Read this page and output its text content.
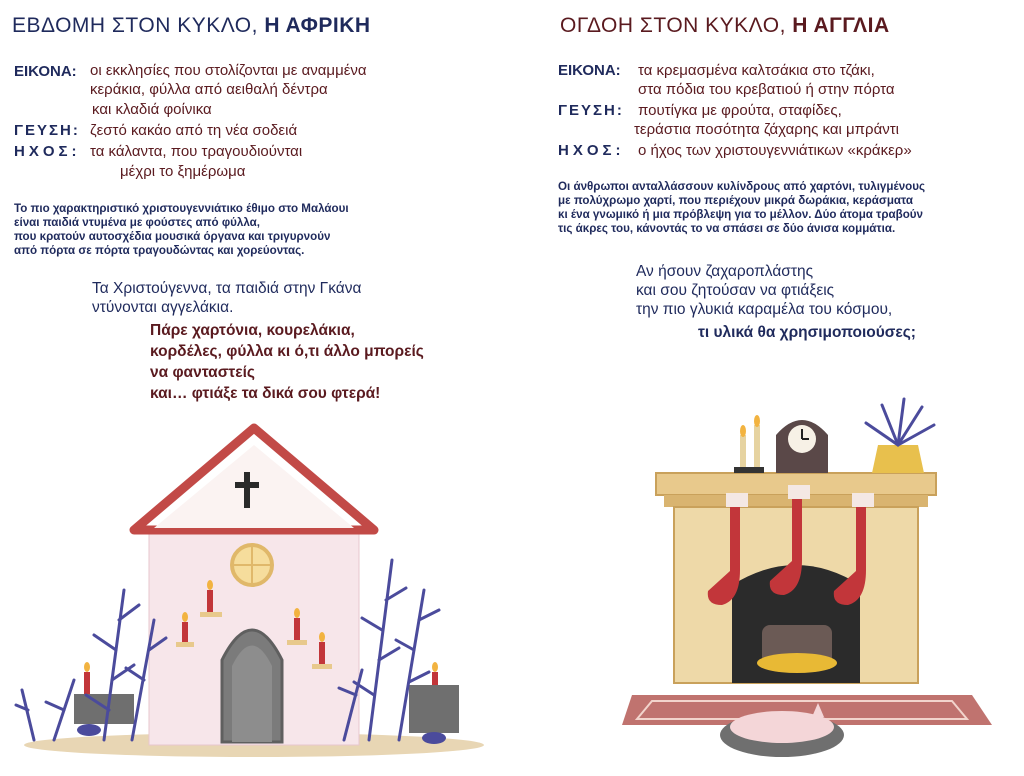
ΕΒΔΟΜΗ ΣΤΟΝ ΚΥΚΛΟ, Η ΑΦΡΙΚΗ
ΕΙΚΟΝΑ: οι εκκλησίες που στολίζονται με αναμμένα
κεράκια, φύλλα από αειθαλή δέντρα
και κλαδιά φοίνικα
ΓΕΥΣΗ: ζεστό κακάο από τη νέα σοδειά
ΗΧΟΣ: τα κάλαντα, που τραγουδιούνται
μέχρι το ξημέρωμα
Το πιο χαρακτηριστικό χριστουγεννιάτικο έθιμο στο Μαλάουι
είναι παιδιά ντυμένα με φούστες από φύλλα,
που κρατούν αυτοσχέδια μουσικά όργανα και τριγυρνούν
από πόρτα σε πόρτα τραγουδώντας και χορεύοντας.
Τα Χριστούγεννα, τα παιδιά στην Γκάνα
ντύνονται αγγελάκια.
Πάρε χαρτόνια, κουρελάκια,
κορδέλες, φύλλα κι ό,τι άλλο μπορείς
να φανταστείς
και… φτιάξε τα δικά σου φτερά!
ΟΓΔΟΗ ΣΤΟΝ ΚΥΚΛΟ, Η ΑΓΓΛΙΑ
ΕΙΚΟΝΑ: τα κρεμασμένα καλτσάκια στο τζάκι,
στα πόδια του κρεβατιού ή στην πόρτα
ΓΕΥΣΗ: πουτίγκα με φρούτα, σταφίδες,
τεράστια ποσότητα ζάχαρης και μπράντι
ΗΧΟΣ: ο ήχος των χριστουγεννιάτικων «κράκερ»
Οι άνθρωποι ανταλλάσσουν κυλίνδρους από χαρτόνι, τυλιγμένους
με πολύχρωμο χαρτί, που περιέχουν μικρά δωράκια, κεράσματα
κι ένα γνωμικό ή μια πρόβλεψη για το μέλλον. Δύο άτομα τραβούν
τις άκρες του, κάνοντάς το να σπάσει σε δύο άνισα κομμάτια.
Αν ήσουν ζαχαροπλάστης
και σου ζητούσαν να φτιάξεις
την πιο γλυκιά καραμέλα του κόσμου,
τι υλικά θα χρησιμοποιούσες;
